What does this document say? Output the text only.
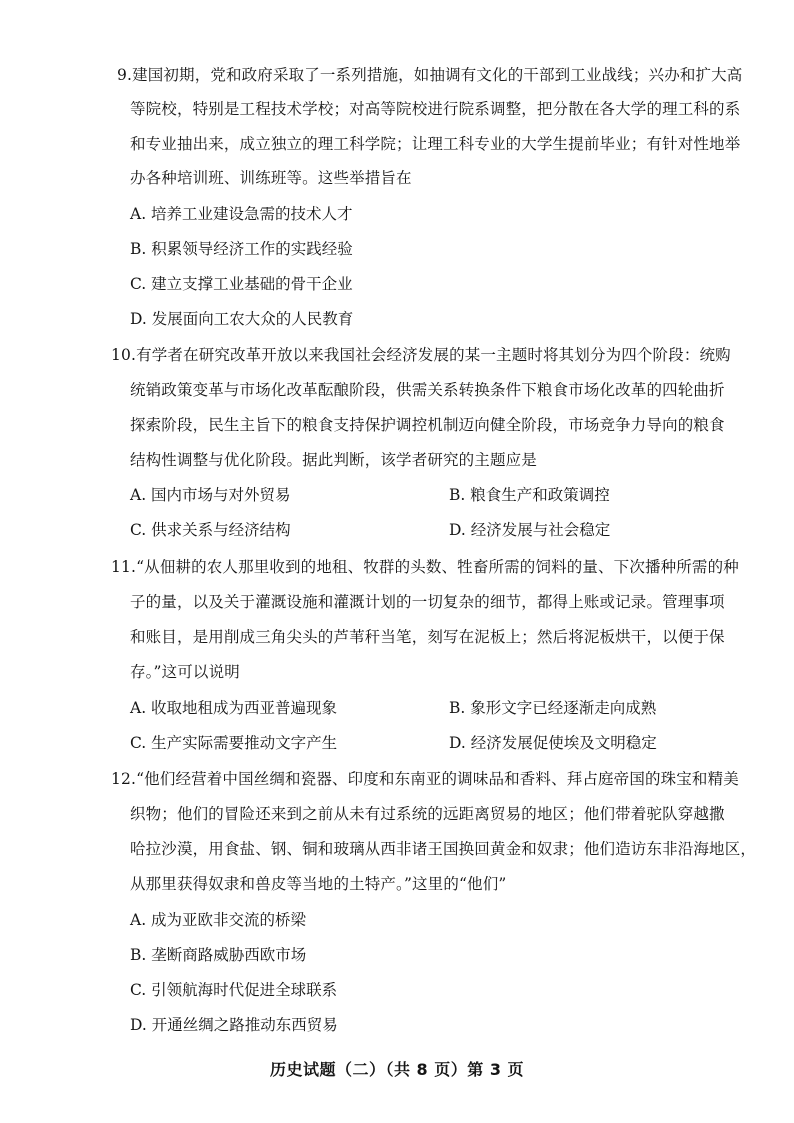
9.建国初期，党和政府采取了一系列措施，如抽调有文化的干部到工业战线；兴办和扩大高
等院校，特别是工程技术学校；对高等院校进行院系调整，把分散在各大学的理工科的系
和专业抽出来，成立独立的理工科学院；让理工科专业的大学生提前毕业；有针对性地举
办各种培训班、训练班等。这些举措旨在
A. 培养工业建设急需的技术人才
B. 积累领导经济工作的实践经验
C. 建立支撑工业基础的骨干企业
D. 发展面向工农大众的人民教育
10.有学者在研究改革开放以来我国社会经济发展的某一主题时将其划分为四个阶段：统购
统销政策变革与市场化改革酝酿阶段，供需关系转换条件下粮食市场化改革的四轮曲折
探索阶段，民生主旨下的粮食支持保护调控机制迈向健全阶段，市场竞争力导向的粮食
结构性调整与优化阶段。据此判断，该学者研究的主题应是
A. 国内市场与对外贸易	B. 粮食生产和政策调控
C. 供求关系与经济结构	D. 经济发展与社会稳定
11.“从佃耕的农人那里收到的地租、牧群的头数、牲畜所需的饲料的量、下次播种所需的种
子的量，以及关于灌溉设施和灌溉计划的一切复杂的细节，都得上账或记录。管理事项
和账目，是用削成三角尖头的芦苇秆当笔，刻写在泥板上；然后将泥板烘干，以便于保
存。”这可以说明
A. 收取地租成为西亚普遍现象	B. 象形文字已经逐渐走向成熟
C. 生产实际需要推动文字产生	D. 经济发展促使埃及文明稳定
12.“他们经营着中国丝绸和瓷器、印度和东南亚的调味品和香料、拜占庭帝国的珠宝和精美
织物；他们的冒险还来到之前从未有过系统的远距离贸易的地区；他们带着驼队穿越撒
哈拉沙漠，用食盐、钢、铜和玻璃从西非诸王国换回黄金和奴隶；他们造访东非沿海地区，
从那里获得奴隶和兽皮等当地的土特产。”这里的“他们”
A. 成为亚欧非交流的桥梁
B. 垄断商路威胁西欧市场
C. 引领航海时代促进全球联系
D. 开通丝绸之路推动东西贸易
历史试题（二）（共 8 页）第 3 页
